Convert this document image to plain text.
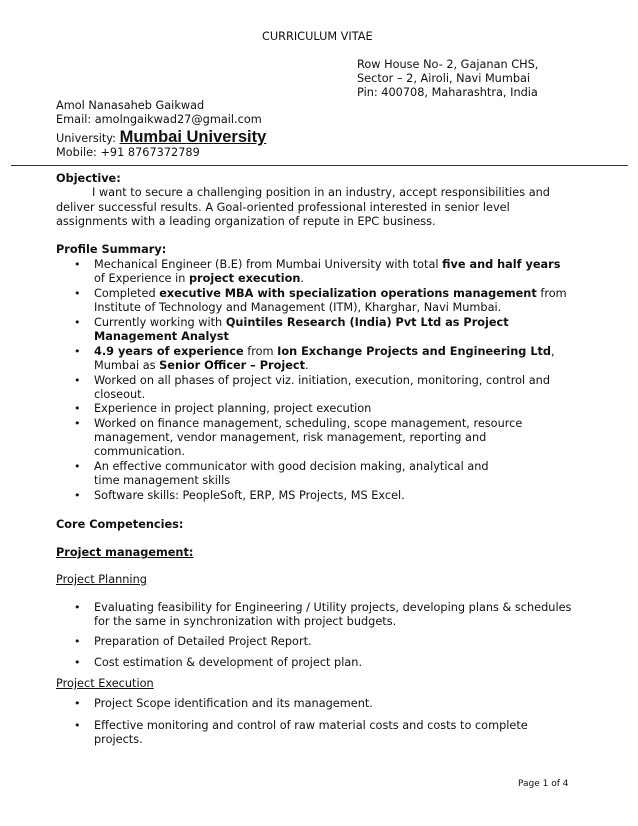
CURRICULUM VITAE
Row House No- 2, Gajanan CHS,
Sector – 2, Airoli, Navi Mumbai
Pin: 400708, Maharashtra, India
Amol Nanasaheb Gaikwad
Email: amolngaikwad27@gmail.com
University: Mumbai University
Mobile: +91 8767372789
Objective:
I want to secure a challenging position in an industry, accept responsibilities and
deliver successful results. A Goal-oriented professional interested in senior level
assignments with a leading organization of repute in EPC business.
Profile Summary:
• Mechanical Engineer (B.E) from Mumbai University with total five and half years
of Experience in project execution.
• Completed executive MBA with specialization operations management from
Institute of Technology and Management (ITM), Kharghar, Navi Mumbai.
• Currently working with Quintiles Research (India) Pvt Ltd as Project
Management Analyst
• 4.9 years of experience from Ion Exchange Projects and Engineering Ltd,
Mumbai as Senior Officer – Project.
• Worked on all phases of project viz. initiation, execution, monitoring, control and
closeout.
• Experience in project planning, project execution
• Worked on finance management, scheduling, scope management, resource
management, vendor management, risk management, reporting and
communication.
• An effective communicator with good decision making, analytical and
time management skills
• Software skills: PeopleSoft, ERP, MS Projects, MS Excel.
Core Competencies:
Project management:
Project Planning
• Evaluating feasibility for Engineering / Utility projects, developing plans & schedules
for the same in synchronization with project budgets.
• Preparation of Detailed Project Report.
• Cost estimation & development of project plan.
Project Execution
• Project Scope identification and its management.
• Effective monitoring and control of raw material costs and costs to complete
projects.
Page 1 of 4
